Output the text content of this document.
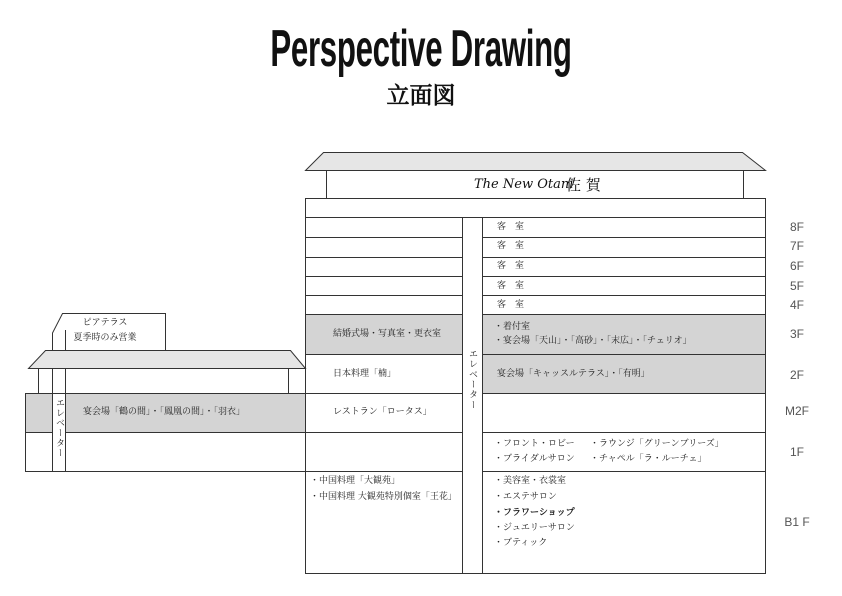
Perspective Drawing
立面図
The New Otani
佐 賀
客　室
客　室
客　室
客　室
客　室
結婚式場・写真室・更衣室
・着付室
・宴会場「天山」・「高砂」・「末広」・「チェリオ」
日本料理「楠」	宴会場「キャッスルテラス」・「有明」
レストラン「ロータス」
・フロント・ロビー ・ラウンジ「グリーンブリーズ」
・ブライダルサロン ・チャペル「ラ・ルーチェ」
・中国料理「大観苑」
・中国料理 大観苑特別個室「王花」
・美容室・衣裳室
・エステサロン
・フラワーショップ
・ジュエリーサロン
・ブティック
エレベーター
ピアテラス
夏季時のみ営業
宴会場「鶴の間」・「鳳凰の間」・「羽衣」
エレベーター
8F
7F
6F
5F
4F
3F
2F
M2F
1F
B1 F
